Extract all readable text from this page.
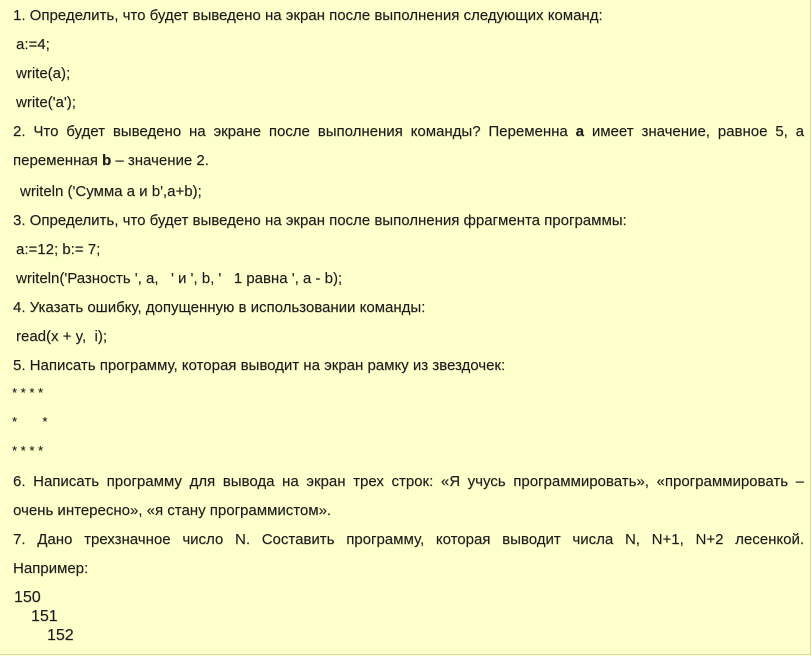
1. Определить, что будет выведено на экран после выполнения следующих команд:
a:=4;
write(a);
write('a');
2. Что будет выведено на экране после выполнения команды? Переменна a имеет значение, равное 5, а
переменная b – значение 2.
writeln ('Сумма a и b',a+b);
3. Определить, что будет выведено на экран после выполнения фрагмента программы:
a:=12; b:= 7;
writeln('Разность ', a,   ' и ', b, '   1 равна ', a - b);
4. Указать ошибку, допущенную в использовании команды:
read(x + y,  i);
5. Написать программу, которая выводит на экран рамку из звездочек:
* * * *
*       *
* * * *
6. Написать программу для вывода на экран трех строк: «Я учусь программировать», «программировать –
очень интересно», «я стану программистом».
7. Дано трехзначное число N. Составить программу, которая выводит числа N, N+1, N+2 лесенкой.
Например:
150
151
152
